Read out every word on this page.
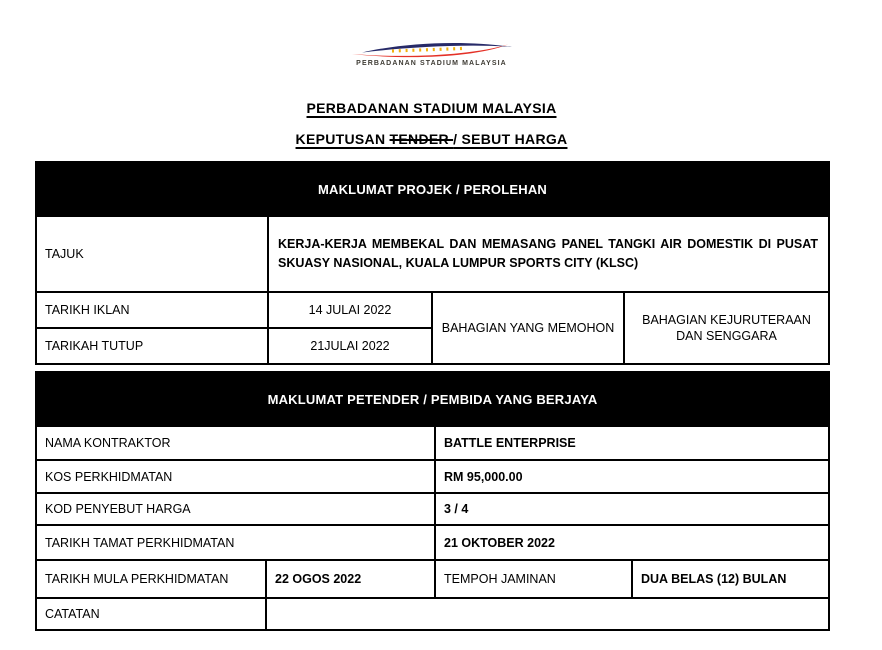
PERBADANAN STADIUM MALAYSIA
PERBADANAN STADIUM MALAYSIA
KEPUTUSAN TENDER / SEBUT HARGA
MAKLUMAT PROJEK / PEROLEHAN			
TAJUK	KERJA-KERJA MEMBEKAL DAN MEMASANG PANEL TANGKI AIR DOMESTIK DI PUSAT SKUASY NASIONAL, KUALA LUMPUR SPORTS CITY (KLSC)		
TARIKH IKLAN	14 JULAI 2022	BAHAGIAN YANG MEMOHON	BAHAGIAN KEJURUTERAAN DAN SENGGARA
TARIKAH TUTUP	21JULAI 2022		
MAKLUMAT PETENDER / PEMBIDA YANG BERJAYA			
NAMA KONTRAKTOR		BATTLE ENTERPRISE	
KOS PERKHIDMATAN		RM 95,000.00	
KOD PENYEBUT HARGA		3 / 4	
TARIKH TAMAT PERKHIDMATAN		21 OKTOBER 2022	
TARIKH MULA PERKHIDMATAN	22 OGOS 2022	TEMPOH JAMINAN	DUA BELAS (12) BULAN
CATATAN			
